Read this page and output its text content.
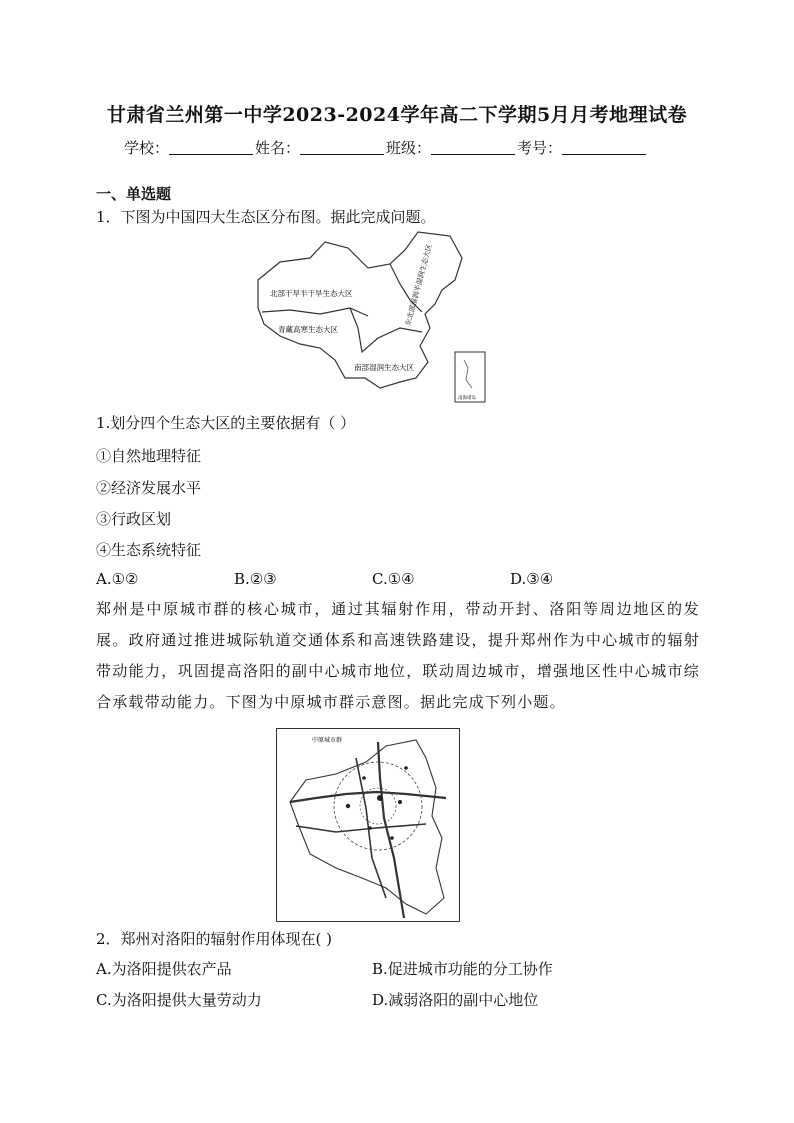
甘肃省兰州第一中学2023-2024学年高二下学期5月月考地理试卷
学校：	姓名：	班级：	考号：
一、单选题
1．下图为中国四大生态区分布图。据此完成问题。
北部干旱半干旱生态大区
青藏高寒生态大区
南部湿润生态大区
东北部湿润半湿润生态大区
南海诸岛
1.划分四个生态大区的主要依据有（ ）
①自然地理特征
②经济发展水平
③行政区划
④生态系统特征
A.①②	B.②③	C.①④	D.③④
郑州是中原城市群的核心城市，通过其辐射作用，带动开封、洛阳等周边地区的发展。政府通过推进城际轨道交通体系和高速铁路建设，提升郑州作为中心城市的辐射带动能力，巩固提高洛阳的副中心城市地位，联动周边城市，增强地区性中心城市综合承载带动能力。下图为中原城市群示意图。据此完成下列小题。
中原城市群
2．郑州对洛阳的辐射作用体现在( )
A.为洛阳提供农产品	B.促进城市功能的分工协作
C.为洛阳提供大量劳动力	D.减弱洛阳的副中心地位
